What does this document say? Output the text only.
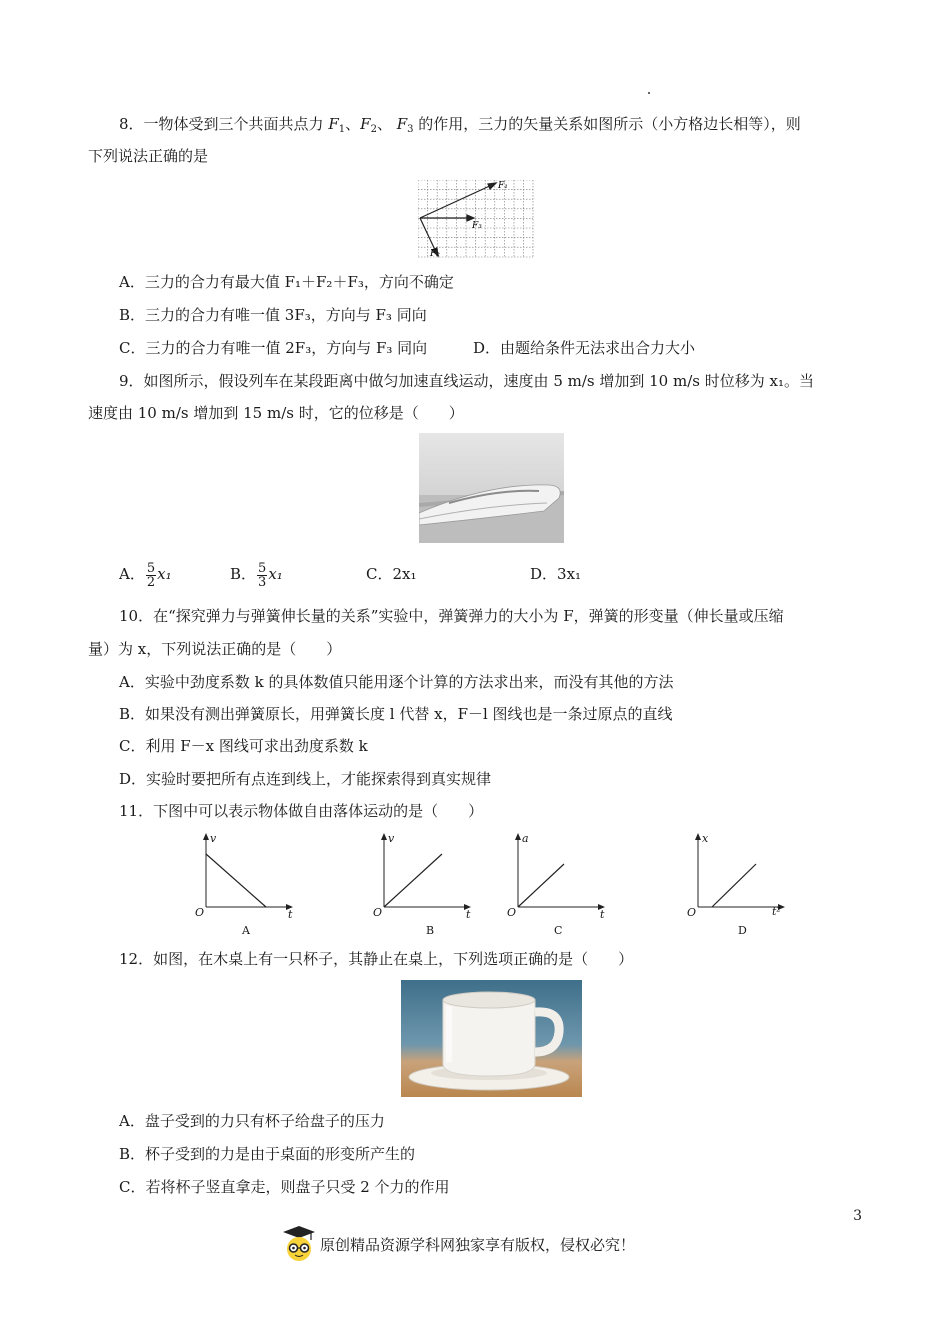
8．一物体受到三个共面共点力 $F_1$、$F_2$、 $F_3$ 的作用，三力的矢量关系如图所示（小方格边长相等），则
下列说法正确的是
F₁
F₃
F₂
A．三力的合力有最大值 F₁＋F₂＋F₃，方向不确定
B．三力的合力有唯一值 3F₃，方向与 F₃ 同向
C．三力的合力有唯一值 2F₃，方向与 F₃ 同向	D．由题给条件无法求出合力大小
9．如图所示，假设列车在某段距离中做匀加速直线运动，速度由 5 m/s 增加到 10 m/s 时位移为 x₁。当
速度由 10 m/s 增加到 15 m/s 时，它的位移是（　　）
A． $\frac{5}{2} x_1$	B． $\frac{5}{3} x_1$	C．2x₁	D．3x₁
10．在“探究弹力与弹簧伸长量的关系”实验中，弹簧弹力的大小为 F，弹簧的形变量（伸长量或压缩
量）为 x，下列说法正确的是（　　）
A．实验中劲度系数 k 的具体数值只能用逐个计算的方法求出来，而没有其他的方法
B．如果没有测出弹簧原长，用弹簧长度 l 代替 x，F－l 图线也是一条过原点的直线
C．利用 F－x 图线可求出劲度系数 k
D．实验时要把所有点连到线上，才能探索得到真实规律
11．下图中可以表示物体做自由落体运动的是（　　）
v
O	t
A
v
O	t
B
a
O	t
C
x
O	t²
D
12．如图，在木桌上有一只杯子，其静止在桌上，下列选项正确的是（　　）
A．盘子受到的力只有杯子给盘子的压力
B．杯子受到的力是由于桌面的形变所产生的
C．若将杯子竖直拿走，则盘子只受 2 个力的作用
3
原创精品资源学科网独家享有版权，侵权必究！
